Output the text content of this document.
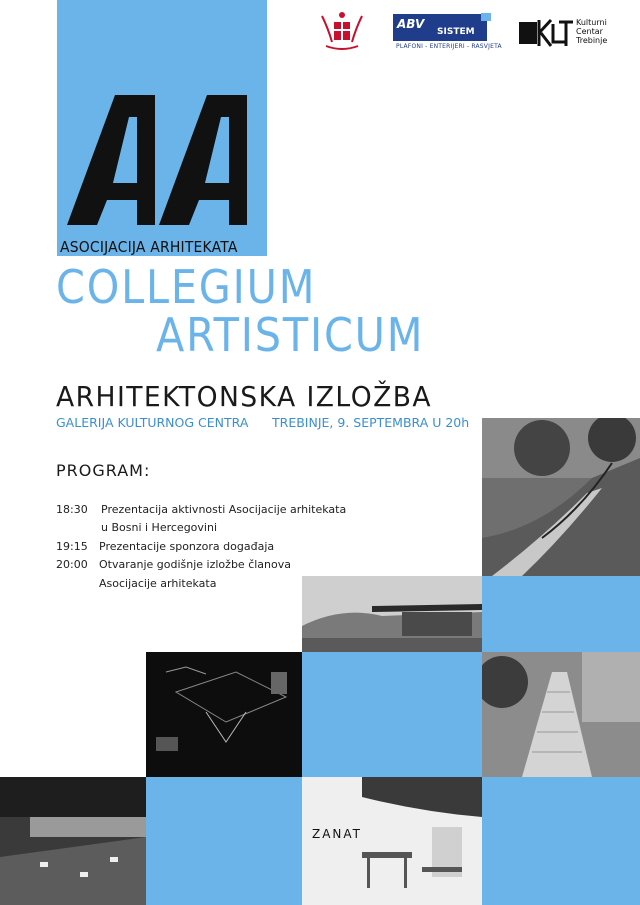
ASOCIJACIJA ARHITEKATA
ABV
SISTEM
PLAFONI - ENTERIJERI - RASVJETA
Kulturni
Centar
Trebinje
COLLEGIUM
ARTISTICUM
ARHITEKTONSKA IZLOŽBA
GALERIJA KULTURNOG CENTRA TREBINJE, 9. SEPTEMBRA U 20h
PROGRAM:
18:30 Prezentacija aktivnosti Asocijacije arhitekata
u Bosni i Hercegovini
19:15 Prezentacije sponzora događaja
20:00 Otvaranje godišnje izložbe članova
Asocijacije arhitekata
ZANAT
